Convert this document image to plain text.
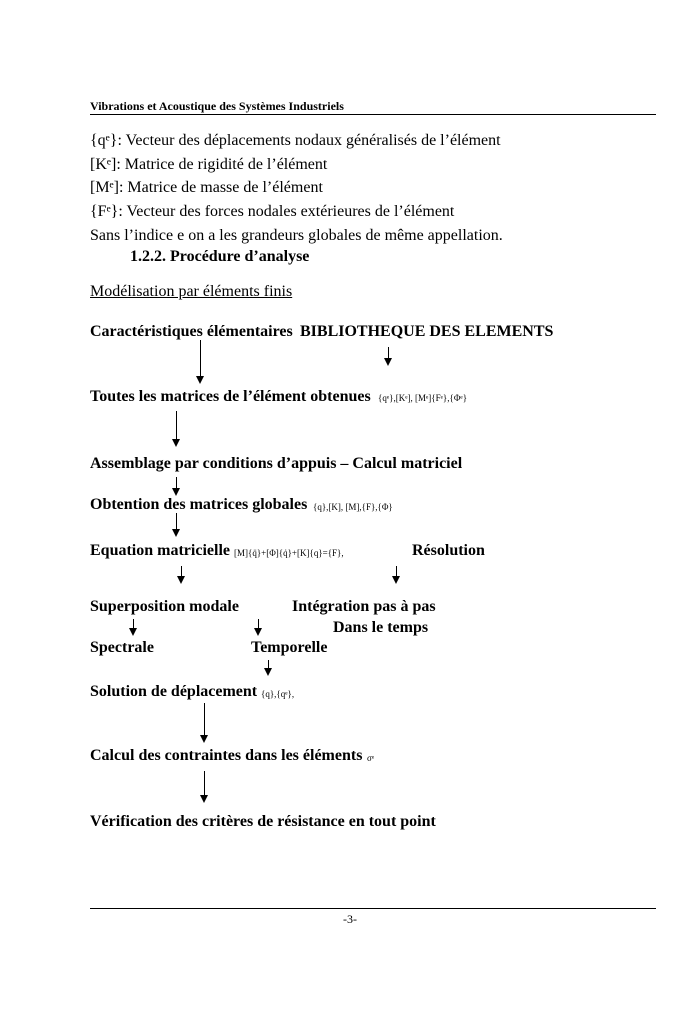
Vibrations et Acoustique des Systèmes Industriels
{qᵉ}: Vecteur des déplacements nodaux généralisés de l’élément
[Kᵉ]: Matrice de rigidité de l’élément
[Mᵉ]: Matrice de masse de l’élément
{Fᵉ}: Vecteur des forces nodales extérieures de l’élément
Sans l’indice e on a les grandeurs globales de même appellation.
1.2.2. Procédure d’analyse
Modélisation par éléments finis
Caractéristiques élémentaires BIBLIOTHEQUE DES ELEMENTS
Toutes les matrices de l’élément obtenues {qᵉ},[Kᵉ], [Mᵉ]{Fᵉ},{Φᵉ}
Assemblage par conditions d’appuis – Calcul matriciel
Obtention des matrices globales {q},[K], [M],{F},{Φ}
Equation matricielle [M]{q̈}+[Φ]{q̇}+[K]{q}={F},	Résolution
Superposition modale	Intégration pas à pas
Dans le temps
Spectrale	Temporelle
Solution de déplacement {q},{qᵉ},
Calcul des contraintes dans les éléments σᵉ
Vérification des critères de résistance en tout point
-3-
